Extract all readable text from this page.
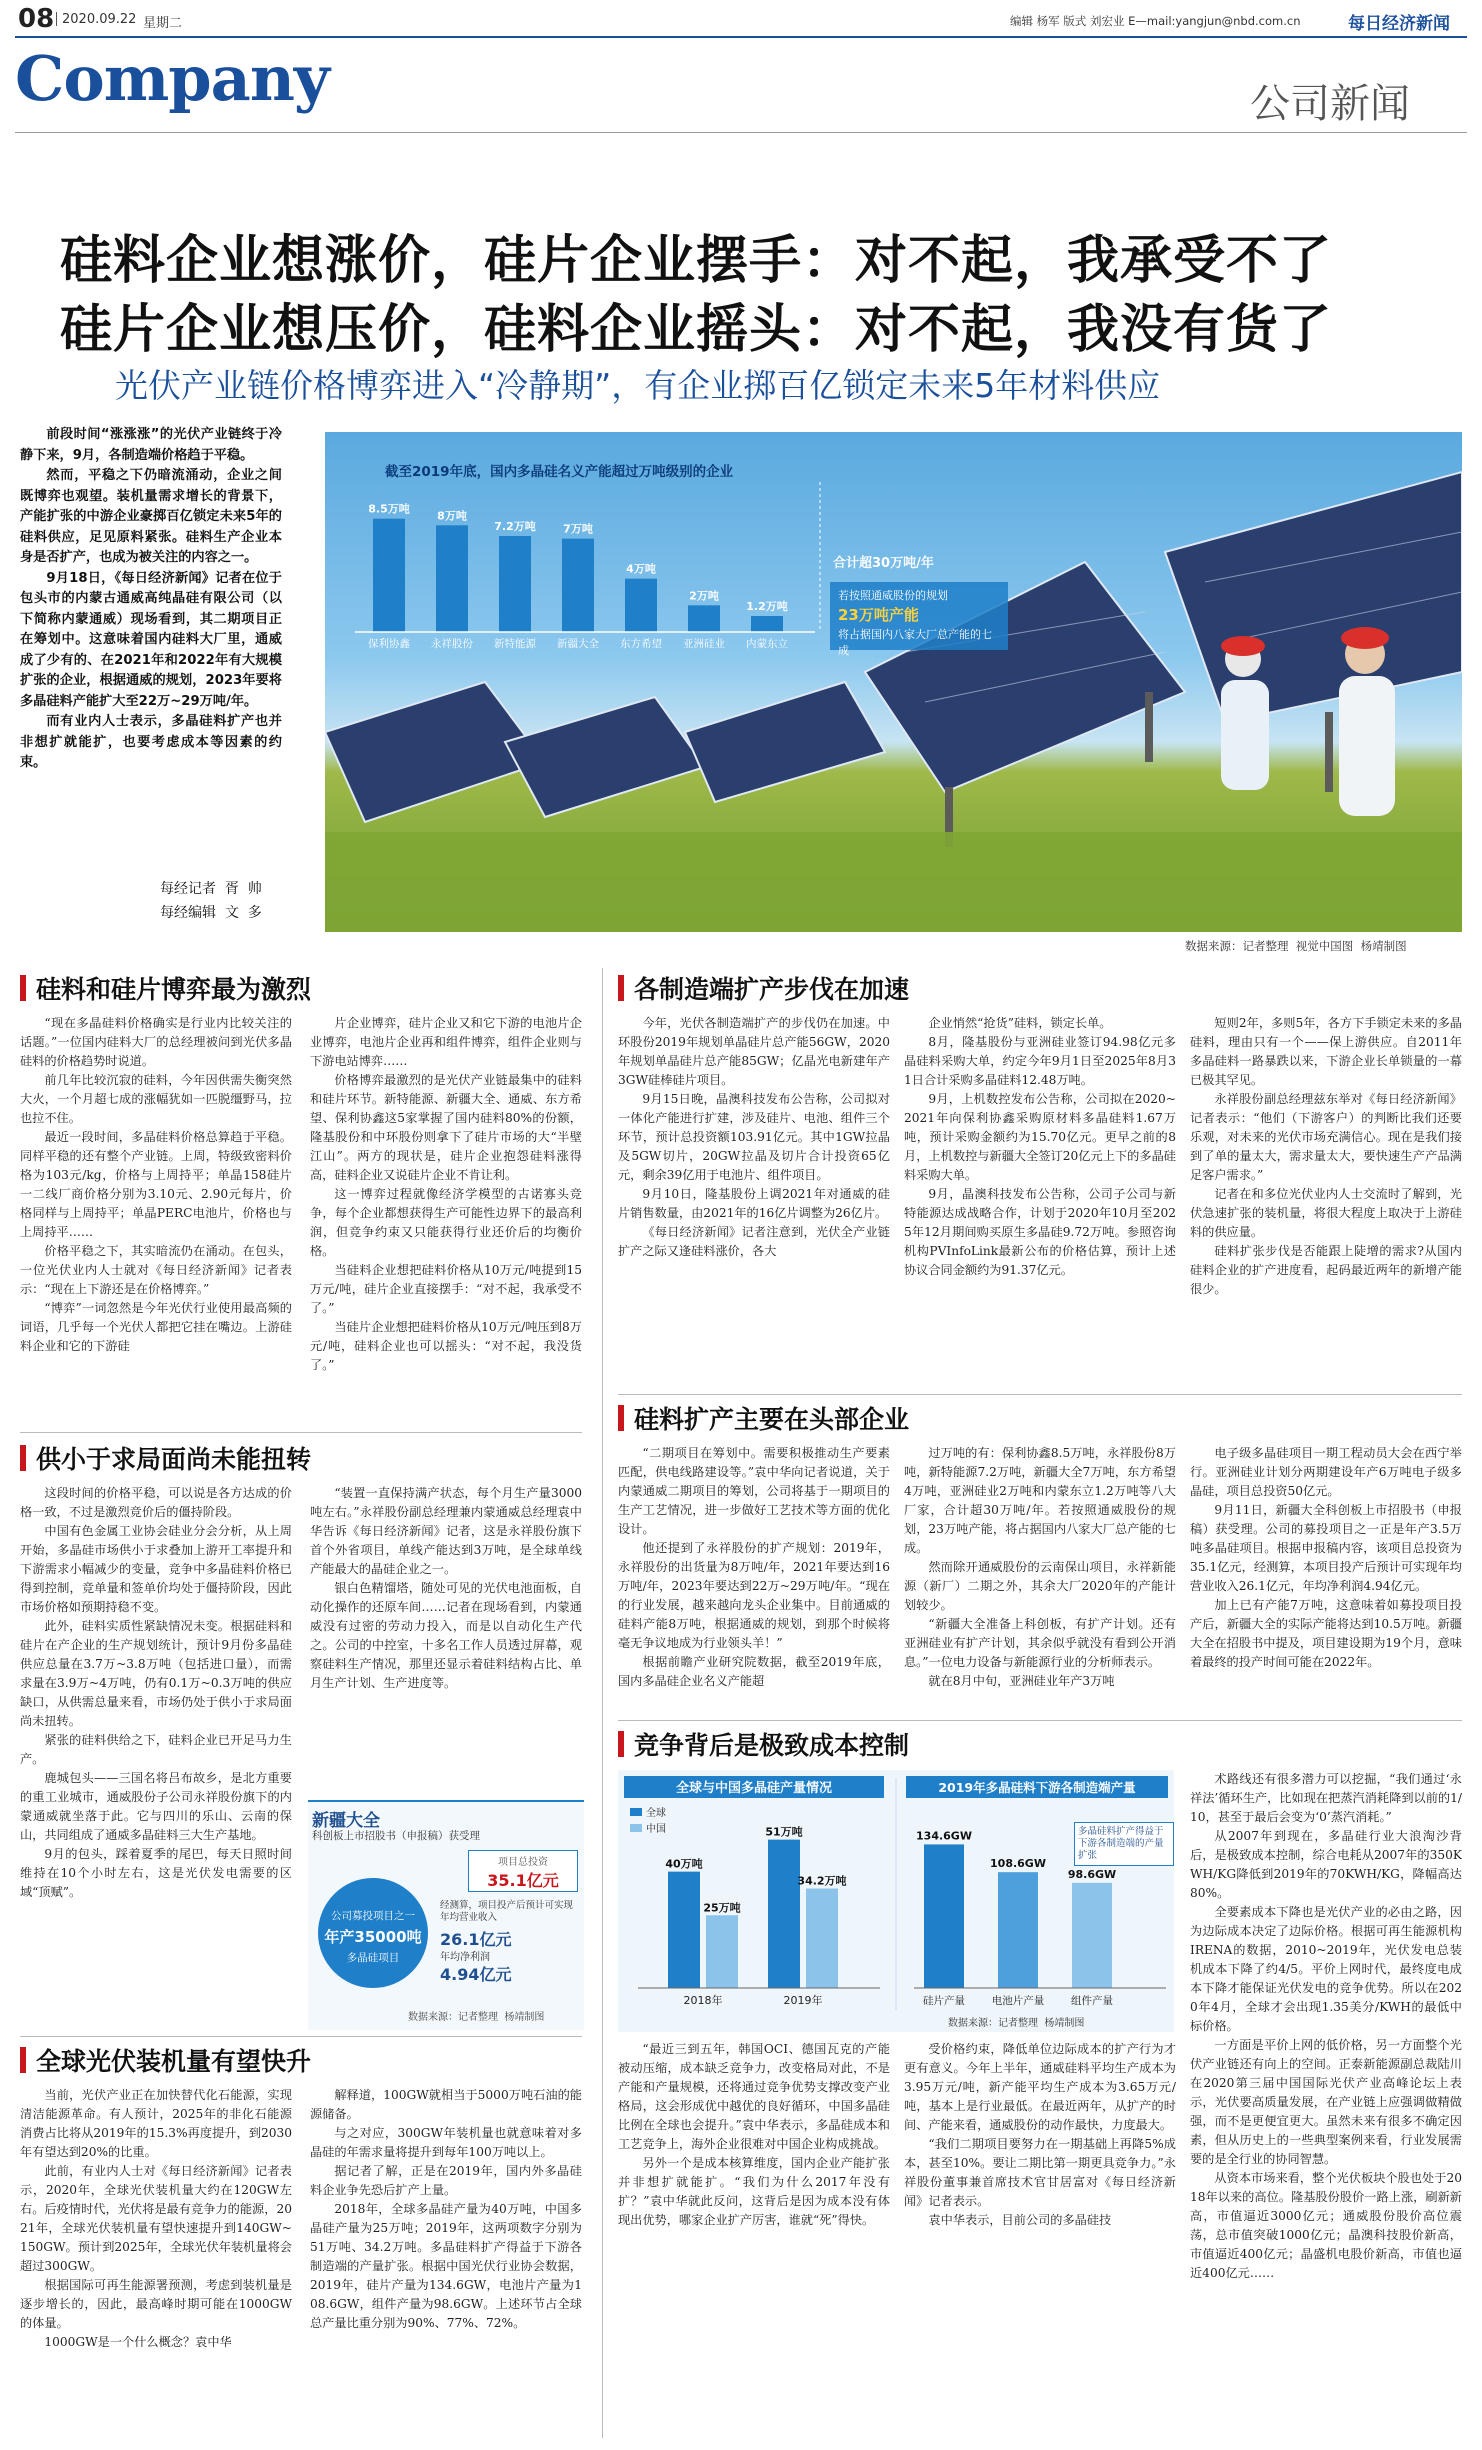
08 2020.09.22 星期二	编辑 杨军 版式 刘宏业 E—mail:yangjun@nbd.com.cn	每日经济新闻
Company	公司新闻
硅料企业想涨价，硅片企业摆手：对不起，我承受不了
硅片企业想压价，硅料企业摇头：对不起，我没有货了
光伏产业链价格博弈进入“冷静期”，有企业掷百亿锁定未来5年材料供应

前段时间“涨涨涨”的光伏产业链终于冷静下来，9月，各制造端价格趋于平稳。

然而，平稳之下仍暗流涌动，企业之间既博弈也观望。装机量需求增长的背景下，产能扩张的中游企业豪掷百亿锁定未来5年的硅料供应，足见原料紧张。硅料生产企业本身是否扩产，也成为被关注的内容之一。

9月18日，《每日经济新闻》记者在位于包头市的内蒙古通威高纯晶硅有限公司（以下简称内蒙通威）现场看到，其二期项目正在筹划中。这意味着国内硅料大厂里，通威成了少有的、在2021年和2022年有大规模扩张的企业，根据通威的规划，2023年要将多晶硅料产能扩大至22万~29万吨/年。

而有业内人士表示，多晶硅料扩产也并非想扩就能扩，也要考虑成本等因素的约束。

每经记者  胥  帅
每经编辑  文  多
8.5万吨
保利协鑫
8万吨
永祥股份
7.2万吨
新特能源
7万吨
新疆大全
4万吨
东方希望
2万吨
亚洲硅业
1.2万吨
内蒙东立
截至2019年底，国内多晶硅名义产能超过万吨级别的企业
合计超30万吨/年
若按照通威股份的规划
23万吨产能
将占据国内八家大厂总产能的七成
数据来源：记者整理  视觉中国图  杨靖制图
硅料和硅片博弈最为激烈	各制造端扩产步伐在加速

“现在多晶硅料价格确实是行业内比较关注的话题。”一位国内硅料大厂的总经理被问到光伏多晶硅料的价格趋势时说道。

前几年比较沉寂的硅料，今年因供需失衡突然大火，一个月超七成的涨幅犹如一匹脱缰野马，拉也拉不住。

最近一段时间，多晶硅料价格总算趋于平稳。同样平稳的还有整个产业链。上周，特级致密料价格为103元/kg，价格与上周持平；单晶158硅片一二线厂商价格分别为3.10元、2.90元每片，价格同样与上周持平；单晶PERC电池片，价格也与上周持平……

价格平稳之下，其实暗流仍在涌动。在包头，一位光伏业内人士就对《每日经济新闻》记者表示：“现在上下游还是在价格博弈。”

“博弈”一词忽然是今年光伏行业使用最高频的词语，几乎每一个光伏人都把它挂在嘴边。上游硅料企业和它的下游硅

片企业博弈，硅片企业又和它下游的电池片企业博弈，电池片企业再和组件博弈，组件企业则与下游电站博弈……

价格博弈最激烈的是光伏产业链最集中的硅料和硅片环节。新特能源、新疆大全、通威、东方希望、保利协鑫这5家掌握了国内硅料80%的份额，隆基股份和中环股份则拿下了硅片市场的大“半壁江山”。两方的现状是，硅片企业抱怨硅料涨得高，硅料企业又说硅片企业不肯让利。

这一博弈过程就像经济学模型的古诺寡头竞争，每个企业都想获得生产可能性边界下的最高利润，但竞争约束又只能获得行业还价后的均衡价格。

当硅料企业想把硅料价格从10万元/吨提到15万元/吨，硅片企业直接摆手：“对不起，我承受不了。”

当硅片企业想把硅料价格从10万元/吨压到8万元/吨，硅料企业也可以摇头：“对不起，我没货了。”

今年，光伏各制造端扩产的步伐仍在加速。中环股份2019年规划单晶硅片总产能56GW，2020年规划单晶硅片总产能85GW；亿晶光电新建年产3GW硅棒硅片项目。

9月15日晚，晶澳科技发布公告称，公司拟对一体化产能进行扩建，涉及硅片、电池、组件三个环节，预计总投资额103.91亿元。其中1GW拉晶及5GW切片，20GW拉晶及切片合计投资65亿元，剩余39亿用于电池片、组件项目。

9月10日，隆基股份上调2021年对通威的硅片销售数量，由2021年的16亿片调整为26亿片。

《每日经济新闻》记者注意到，光伏全产业链扩产之际又逢硅料涨价，各大

企业悄然“抢货”硅料，锁定长单。

8月，隆基股份与亚洲硅业签订94.98亿元多晶硅料采购大单，约定今年9月1日至2025年8月31日合计采购多晶硅料12.48万吨。

9月，上机数控发布公告称，公司拟在2020~2021年向保利协鑫采购原材料多晶硅料1.67万吨，预计采购金额约为15.70亿元。更早之前的8月，上机数控与新疆大全签订20亿元上下的多晶硅料采购大单。

9月，晶澳科技发布公告称，公司子公司与新特能源达成战略合作，计划于2020年10月至2025年12月期间购买原生多晶硅9.72万吨。参照咨询机构PVInfoLink最新公布的价格估算，预计上述协议合同金额约为91.37亿元。

短则2年，多则5年，各方下手锁定未来的多晶硅料，理由只有一个——保上游供应。自2011年多晶硅料一路暴跌以来，下游企业长单锁量的一幕已极其罕见。

永祥股份副总经理兹东举对《每日经济新闻》记者表示：“他们（下游客户）的判断比我们还要乐观，对未来的光伏市场充满信心。现在是我们接到了单的量太大，需求量太大，要快速生产产品满足客户需求。”

记者在和多位光伏业内人士交流时了解到，光伏急速扩张的装机量，将很大程度上取决于上游硅料的供应量。

硅料扩张步伐是否能跟上陡增的需求?从国内硅料企业的扩产进度看，起码最近两年的新增产能很少。

硅料扩产主要在头部企业

“二期项目在筹划中。需要积极推动生产要素匹配，供电线路建设等。”袁中华向记者说道，关于内蒙通威二期项目的筹划，公司将基于一期项目的生产工艺情况，进一步做好工艺技术等方面的优化设计。

他还提到了永祥股份的扩产规划：2019年，永祥股份的出货量为8万吨/年，2021年要达到16万吨/年，2023年要达到22万~29万吨/年。“现在的行业发展，越来越向龙头企业集中。目前通威的硅料产能8万吨，根据通威的规划，到那个时候将毫无争议地成为行业领头羊！”

根据前瞻产业研究院数据，截至2019年底，国内多晶硅企业名义产能超

过万吨的有：保利协鑫8.5万吨，永祥股份8万吨，新特能源7.2万吨，新疆大全7万吨，东方希望4万吨，亚洲硅业2万吨和内蒙东立1.2万吨等八大厂家，合计超30万吨/年。若按照通威股份的规划，23万吨产能，将占据国内八家大厂总产能的七成。

然而除开通威股份的云南保山项目，永祥新能源（新厂）二期之外，其余大厂2020年的产能计划较少。

“新疆大全准备上科创板，有扩产计划。还有亚洲硅业有扩产计划，其余似乎就没有看到公开消息。”一位电力设备与新能源行业的分析师表示。

就在8月中旬，亚洲硅业年产3万吨

电子级多晶硅项目一期工程动员大会在西宁举行。亚洲硅业计划分两期建设年产6万吨电子级多晶硅，项目总投资50亿元。

9月11日，新疆大全科创板上市招股书（申报稿）获受理。公司的募投项目之一正是年产3.5万吨多晶硅项目。根据申报稿内容，该项目总投资为35.1亿元，经测算，本项目投产后预计可实现年均营业收入26.1亿元，年均净利润4.94亿元。

加上已有产能7万吨，这意味着如募投项目投产后，新疆大全的实际产能将达到10.5万吨。新疆大全在招股书中提及，项目建设期为19个月，意味着最终的投产时间可能在2022年。

供小于求局面尚未能扭转

这段时间的价格平稳，可以说是各方达成的价格一致，不过是激烈竞价后的僵持阶段。

中国有色金属工业协会硅业分会分析，从上周开始，多晶硅市场供小于求叠加上游开工率提升和下游需求小幅减少的变量，竞争中多晶硅料价格已得到控制，竞单量和签单价均处于僵持阶段，因此市场价格如预期持稳不变。

此外，硅料实质性紧缺情况未变。根据硅料和硅片在产企业的生产规划统计，预计9月份多晶硅供应总量在3.7万~3.8万吨（包括进口量），而需求量在3.9万~4万吨，仍有0.1万~0.3万吨的供应缺口，从供需总量来看，市场仍处于供小于求局面尚未扭转。

紧张的硅料供给之下，硅料企业已开足马力生产。

鹿城包头——三国名将吕布故乡，是北方重要的重工业城市，通威股份子公司永祥股份旗下的内蒙通威就坐落于此。它与四川的乐山、云南的保山，共同组成了通威多晶硅料三大生产基地。

9月的包头，踩着夏季的尾巴，每天日照时间维持在10个小时左右，这是光伏发电需要的区域“顶赋”。

“装置一直保持满产状态，每个月生产量3000吨左右。”永祥股份副总经理兼内蒙通威总经理袁中华告诉《每日经济新闻》记者，这是永祥股份旗下首个外省项目，单线产能达到3万吨，是全球单线产能最大的晶硅企业之一。

银白色精馏塔，随处可见的光伏电池面板，自动化操作的还原车间……记者在现场看到，内蒙通威没有过密的劳动力投入，而是以自动化生产代之。公司的中控室，十多名工作人员透过屏幕，观察硅料生产情况，那里还显示着硅料结构占比、单月生产计划、生产进度等。

新疆大全
科创板上市招股书（申报稿）获受理
公司募投项目之一
年产35000吨
多晶硅项目
项目总投资
35.1亿元
经测算，项目投产后预计可实现年均营业收入
26.1亿元
年均净利润
4.94亿元
数据来源：记者整理  杨靖制图
全球光伏装机量有望快升

当前，光伏产业正在加快替代化石能源，实现清洁能源革命。有人预计，2025年的非化石能源消费占比将从2019年的15.3%再度提升，到2030年有望达到20%的比重。

此前，有业内人士对《每日经济新闻》记者表示，2020年，全球光伏装机量大约在120GW左右。后疫情时代，光伏将是最有竞争力的能源，2021年，全球光伏装机量有望快速提升到140GW~150GW。预计到2025年，全球光伏年装机量将会超过300GW。

根据国际可再生能源署预测，考虑到装机量是逐步增长的，因此，最高峰时期可能在1000GW的体量。

1000GW是一个什么概念？袁中华

解释道，100GW就相当于5000万吨石油的能源储备。

与之对应，300GW年装机量也就意味着对多晶硅的年需求量将提升到每年100万吨以上。

据记者了解，正是在2019年，国内外多晶硅料企业争先恐后扩产上量。

2018年，全球多晶硅产量为40万吨，中国多晶硅产量为25万吨；2019年，这两项数字分别为51万吨、34.2万吨。多晶硅料扩产得益于下游各制造端的产量扩张。根据中国光伏行业协会数据，2019年，硅片产量为134.6GW，电池片产量为108.6GW，组件产量为98.6GW。上述环节占全球总产量比重分别为90%、77%、72%。

竞争背后是极致成本控制
全球与中国多晶硅产量情况
全球
中国
40万吨
25万吨
2018年
51万吨
34.2万吨
2019年
2019年多晶硅料下游各制造端产量
134.6GW
硅片产量
108.6GW
电池片产量
98.6GW
组件产量
数据来源：记者整理  杨靖制图
多晶硅料扩产得益于下游各制造端的产量扩张

“最近三到五年，韩国OCI、德国瓦克的产能被动压缩，成本缺乏竞争力，改变格局对此，不是产能和产量规模，还将通过竞争优势支撑改变产业格局，这会形成优中越优的良好循环，中国多晶硅比例在全球也会提升。”袁中华表示，多晶硅成本和工艺竞争上，海外企业很难对中国企业构成挑战。

另外一个是成本核算维度，国内企业产能扩张并非想扩就能扩。“我们为什么2017年没有扩？”袁中华就此反问，这背后是因为成本没有体现出优势，哪家企业扩产厉害，谁就“死”得快。

受价格约束，降低单位边际成本的扩产行为才更有意义。今年上半年，通威硅料平均生产成本为3.95万元/吨，新产能平均生产成本为3.65万元/吨，基本上是行业最低。在最近两年，从扩产的时间、产能来看，通威股份的动作最快，力度最大。

“我们二期项目要努力在一期基础上再降5%成本，甚至10%。要让二期比第一期更具竞争力。”永祥股份董事兼首席技术官甘居富对《每日经济新闻》记者表示。

袁中华表示，目前公司的多晶硅技

术路线还有很多潜力可以挖掘，“我们通过‘永祥法’循环生产，比如现在把蒸汽消耗降到以前的1/10，甚至于最后会变为‘0’蒸汽消耗。”

从2007年到现在，多晶硅行业大浪淘沙背后，是极致成本控制，综合电耗从2007年的350KWH/KG降低到2019年的70KWH/KG，降幅高达80%。

全要素成本下降也是光伏产业的必由之路，因为边际成本决定了边际价格。根据可再生能源机构IRENA的数据，2010~2019年，光伏发电总装机成本下降了约4/5。平价上网时代，最终度电成本下降才能保证光伏发电的竞争优势。所以在2020年4月，全球才会出现1.35美分/KWH的最低中标价格。

一方面是平价上网的低价格，另一方面整个光伏产业链还有向上的空间。正泰新能源副总裁陆川在2020第三届中国国际光伏产业高峰论坛上表示，光伏要高质量发展，在产业链上应强调做精做强，而不是更便宜更大。虽然未来有很多不确定因素，但从历史上的一些典型案例来看，行业发展需要的是全行业的协同智慧。

从资本市场来看，整个光伏板块个股也处于2018年以来的高位。隆基股份股价一路上涨，刷新新高，市值逼近3000亿元；通威股份股价高位震荡，总市值突破1000亿元；晶澳科技股价新高，市值逼近400亿元；晶盛机电股价新高，市值也逼近400亿元……
